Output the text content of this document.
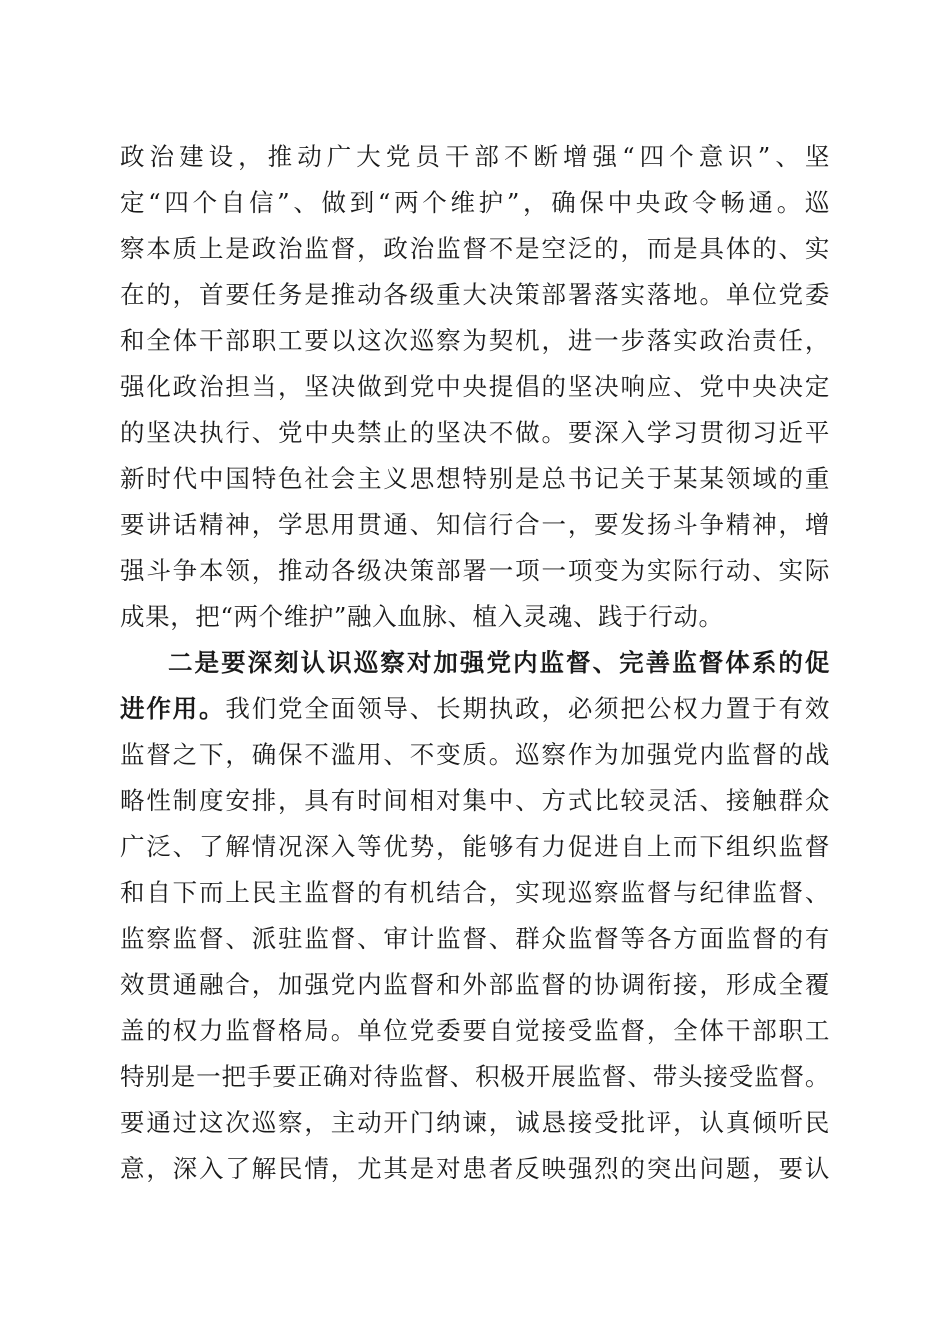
政治建设，推动广大党员干部不断增强“四个意识”、坚
定“四个自信”、做到“两个维护”，确保中央政令畅通。巡
察本质上是政治监督，政治监督不是空泛的，而是具体的、实
在的，首要任务是推动各级重大决策部署落实落地。单位党委
和全体干部职工要以这次巡察为契机，进一步落实政治责任，
强化政治担当，坚决做到党中央提倡的坚决响应、党中央决定
的坚决执行、党中央禁止的坚决不做。要深入学习贯彻习近平
新时代中国特色社会主义思想特别是总书记关于某某领域的重
要讲话精神，学思用贯通、知信行合一，要发扬斗争精神，增
强斗争本领，推动各级决策部署一项一项变为实际行动、实际
成果，把“两个维护”融入血脉、植入灵魂、践于行动。
二是要深刻认识巡察对加强党内监督、完善监督体系的促
进作用。我们党全面领导、长期执政，必须把公权力置于有效
监督之下，确保不滥用、不变质。巡察作为加强党内监督的战
略性制度安排，具有时间相对集中、方式比较灵活、接触群众
广泛、了解情况深入等优势，能够有力促进自上而下组织监督
和自下而上民主监督的有机结合，实现巡察监督与纪律监督、
监察监督、派驻监督、审计监督、群众监督等各方面监督的有
效贯通融合，加强党内监督和外部监督的协调衔接，形成全覆
盖的权力监督格局。单位党委要自觉接受监督，全体干部职工
特别是一把手要正确对待监督、积极开展监督、带头接受监督。
要通过这次巡察，主动开门纳谏，诚恳接受批评，认真倾听民
意，深入了解民情，尤其是对患者反映强烈的突出问题，要认
